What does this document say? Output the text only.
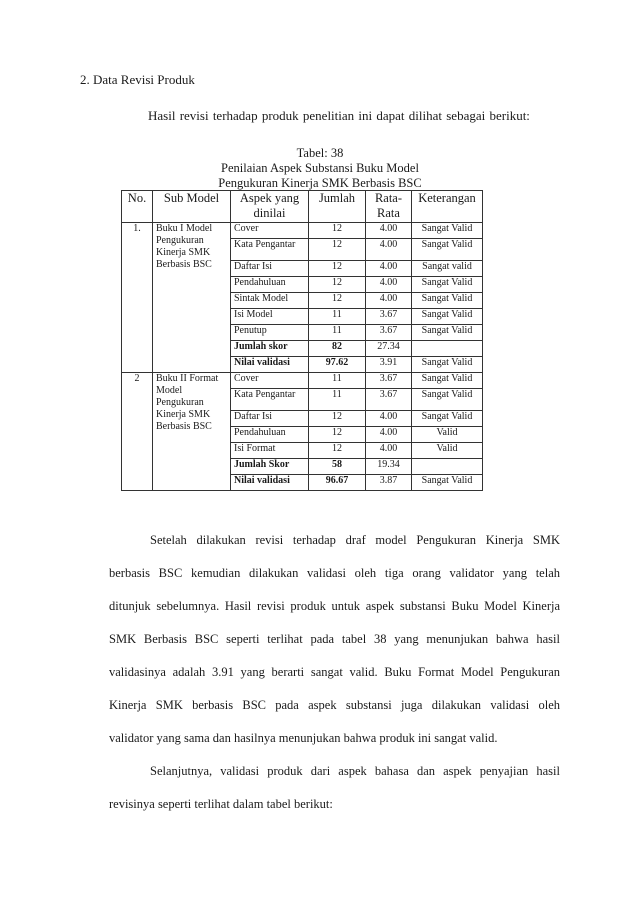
2. Data Revisi Produk
Hasil revisi terhadap produk penelitian ini dapat dilihat sebagai berikut:
Tabel: 38
Penilaian Aspek Substansi Buku Model
Pengukuran Kinerja SMK Berbasis BSC
No.	Sub Model	Aspek yang dinilai	Jumlah	Rata-Rata	Keterangan
1.	Buku I Model Pengukuran Kinerja SMK Berbasis BSC	Cover	12	4.00	Sangat Valid
		Kata Pengantar	12	4.00	Sangat Valid
		Daftar Isi	12	4.00	Sangat valid
		Pendahuluan	12	4.00	Sangat Valid
		Sintak Model	12	4.00	Sangat Valid
		Isi Model	11	3.67	Sangat Valid
		Penutup	11	3.67	Sangat Valid
		Jumlah skor	82	27.34	
		Nilai validasi	97.62	3.91	Sangat Valid
2	Buku II Format Model Pengukuran Kinerja SMK Berbasis BSC	Cover	11	3.67	Sangat Valid
		Kata Pengantar	11	3.67	Sangat Valid
		Daftar Isi	12	4.00	Sangat Valid
		Pendahuluan	12	4.00	Valid
		Isi Format	12	4.00	Valid
		Jumlah Skor	58	19.34	
		Nilai validasi	96.67	3.87	Sangat Valid
Setelah dilakukan revisi terhadap draf model Pengukuran Kinerja SMK
berbasis BSC kemudian dilakukan validasi oleh tiga orang validator yang telah
ditunjuk sebelumnya. Hasil revisi produk untuk aspek substansi Buku Model Kinerja
SMK Berbasis BSC seperti terlihat pada tabel 38 yang menunjukan bahwa hasil
validasinya adalah 3.91 yang berarti sangat valid. Buku Format Model Pengukuran
Kinerja SMK berbasis BSC pada aspek substansi juga dilakukan validasi oleh
validator yang sama dan hasilnya menunjukan bahwa produk ini sangat valid.
Selanjutnya, validasi produk dari aspek bahasa dan aspek penyajian hasil
revisinya seperti terlihat dalam tabel berikut:
